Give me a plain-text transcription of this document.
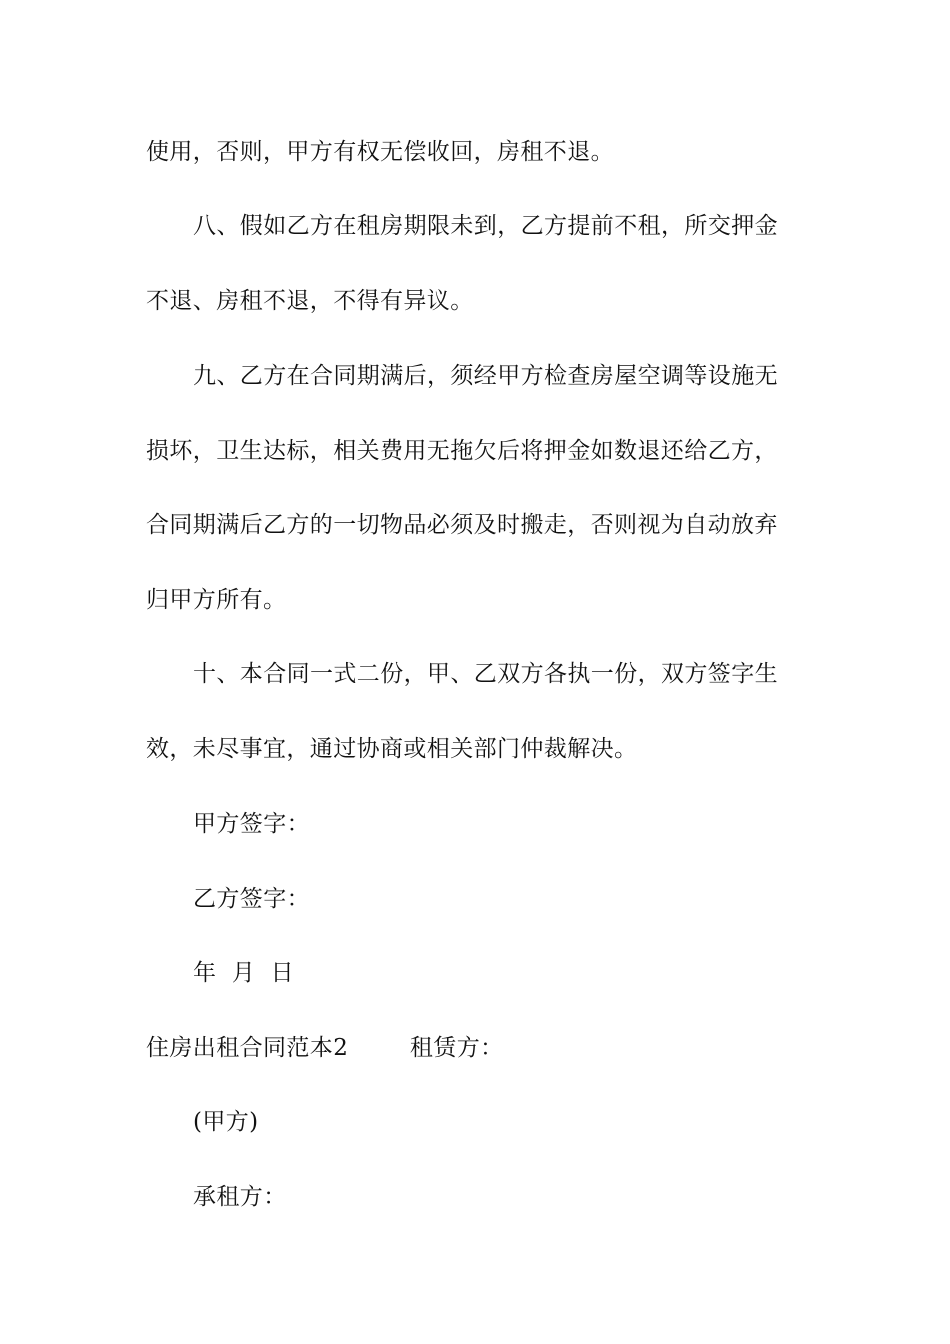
使用，否则，甲方有权无偿收回，房租不退。
八、假如乙方在租房期限未到，乙方提前不租，所交押金
不退、房租不退，不得有异议。
九、乙方在合同期满后，须经甲方检查房屋空调等设施无
损坏，卫生达标，相关费用无拖欠后将押金如数退还给乙方，
合同期满后乙方的一切物品必须及时搬走，否则视为自动放弃
归甲方所有。
十、本合同一式二份，甲、乙双方各执一份，双方签字生
效，未尽事宜，通过协商或相关部门仲裁解决。
甲方签字：
乙方签字：
年  月  日
住房出租合同范本2        租赁方：
(甲方)
承租方：
